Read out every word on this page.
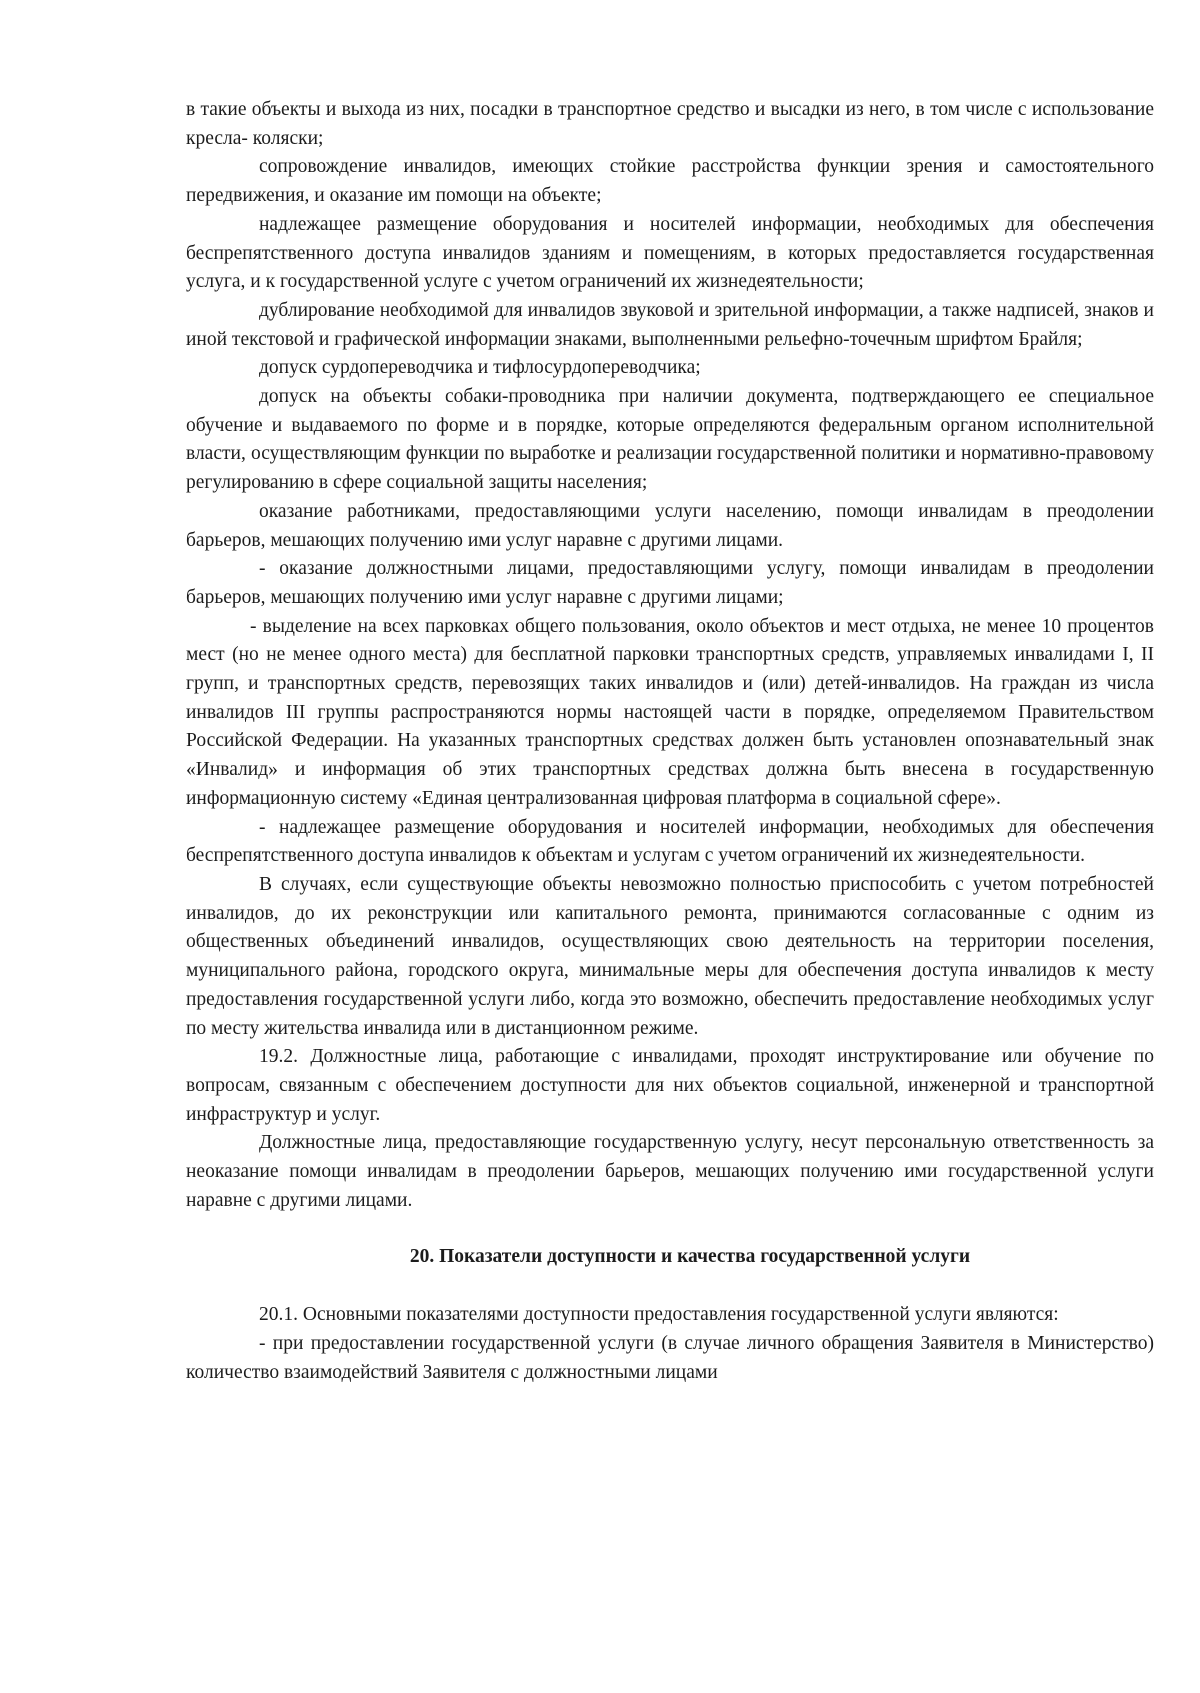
в такие объекты и выхода из них, посадки в транспортное средство и высадки из него, в том числе с использование кресла- коляски;

сопровождение инвалидов, имеющих стойкие расстройства функции зрения и самостоятельного передвижения, и оказание им помощи на объекте;

надлежащее размещение оборудования и носителей информации, необходимых для обеспечения беспрепятственного доступа инвалидов зданиям и помещениям, в которых предоставляется государственная услуга, и к государственной услуге с учетом ограничений их жизнедеятельности;

дублирование необходимой для инвалидов звуковой и зрительной информации, а также надписей, знаков и иной текстовой и графической информации знаками, выполненными рельефно-точечным шрифтом Брайля;

допуск сурдопереводчика и тифлосурдопереводчика;

допуск на объекты собаки-проводника при наличии документа, подтверждающего ее специальное обучение и выдаваемого по форме и в порядке, которые определяются федеральным органом исполнительной власти, осуществляющим функции по выработке и реализации государственной политики и нормативно-правовому регулированию в сфере социальной защиты населения;

оказание работниками, предоставляющими услуги населению, помощи инвалидам в преодолении барьеров, мешающих получению ими услуг наравне с другими лицами.

- оказание должностными лицами, предоставляющими услугу, помощи инвалидам в преодолении барьеров, мешающих получению ими услуг наравне с другими лицами;

- выделение на всех парковках общего пользования, около объектов и мест отдыха, не менее 10 процентов мест (но не менее одного места) для бесплатной парковки транспортных средств, управляемых инвалидами I, II групп, и транспортных средств, перевозящих таких инвалидов и (или) детей-инвалидов. На граждан из числа инвалидов III группы распространяются нормы настоящей части в порядке, определяемом Правительством Российской Федерации. На указанных транспортных средствах должен быть установлен опознавательный знак «Инвалид» и информация об этих транспортных средствах должна быть внесена в государственную информационную систему «Единая централизованная цифровая платформа в социальной сфере».

- надлежащее размещение оборудования и носителей информации, необходимых для обеспечения беспрепятственного доступа инвалидов к объектам и услугам с учетом ограничений их жизнедеятельности.

В случаях, если существующие объекты невозможно полностью приспособить с учетом потребностей инвалидов, до их реконструкции или капитального ремонта, принимаются согласованные с одним из общественных объединений инвалидов, осуществляющих свою деятельность на территории поселения, муниципального района, городского округа, минимальные меры для обеспечения доступа инвалидов к месту предоставления государственной услуги либо, когда это возможно, обеспечить предоставление необходимых услуг по месту жительства инвалида или в дистанционном режиме.

19.2. Должностные лица, работающие с инвалидами, проходят инструктирование или обучение по вопросам, связанным с обеспечением доступности для них объектов социальной, инженерной и транспортной инфраструктур и услуг.

Должностные лица, предоставляющие государственную услугу, несут персональную ответственность за неоказание помощи инвалидам в преодолении барьеров, мешающих получению ими государственной услуги наравне с другими лицами.

20. Показатели доступности и качества государственной услуги

20.1. Основными показателями доступности предоставления государственной услуги являются:

- при предоставлении государственной услуги (в случае личного обращения Заявителя в Министерство) количество взаимодействий Заявителя с должностными лицами
